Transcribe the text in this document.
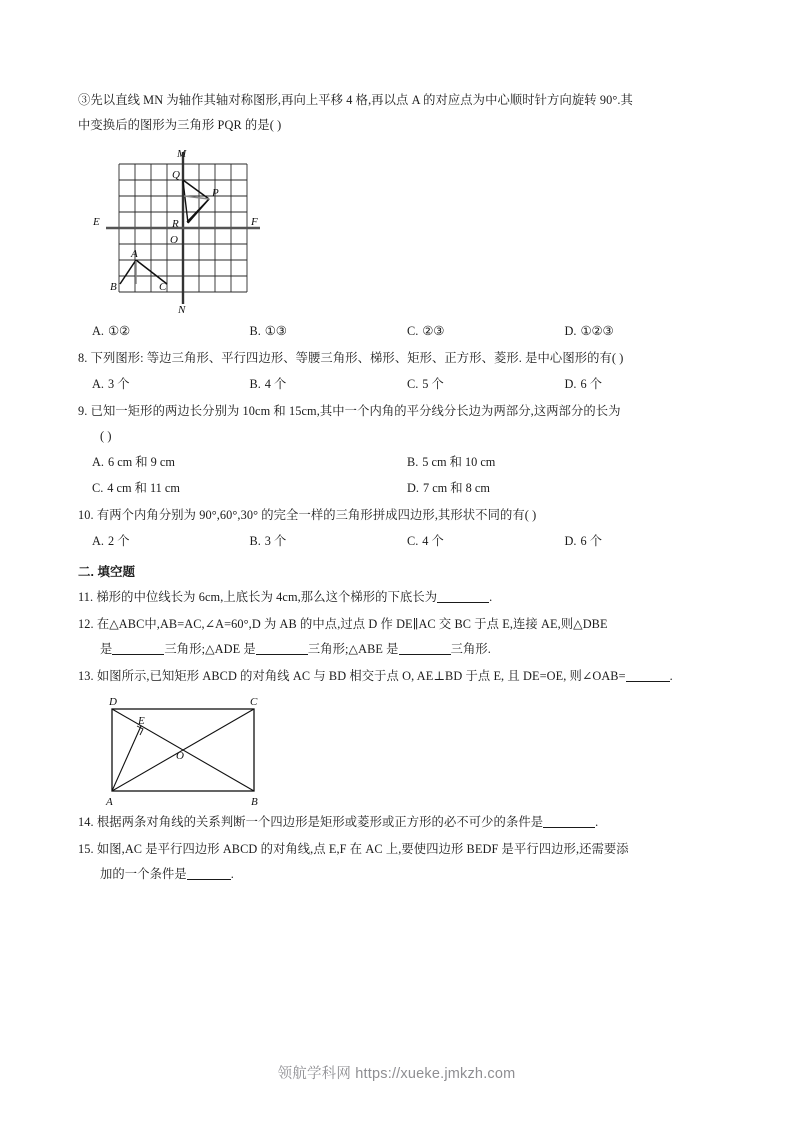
③先以直线 MN 为轴作其轴对称图形,再向上平移 4 格,再以点 A 的对应点为中心顺时针方向旋转 90°.其
中变换后的图形为三角形 PQR 的是( )
M
N
E	F
O
A
B	C
P
Q
R
A. ①②	B. ①③	C. ②③	D. ①②③
8. 下列图形: 等边三角形、平行四边形、等腰三角形、梯形、矩形、正方形、菱形. 是中心图形的有( )
A. 3 个	B. 4 个	C. 5 个	D. 6 个
9. 已知一矩形的两边长分别为 10cm 和 15cm,其中一个内角的平分线分长边为两部分,这两部分的长为
( )
A. 6 cm 和 9 cm	B. 5 cm 和 10 cm
C. 4 cm 和 11 cm	D. 7 cm 和 8 cm
10. 有两个内角分别为 90°,60°,30° 的完全一样的三角形拼成四边形,其形状不同的有( )
A. 2 个	B. 3 个	C. 4 个	D. 6 个
二. 填空题
11. 梯形的中位线长为 6cm,上底长为 4cm,那么这个梯形的下底长为	.
12. 在△ABC中,AB=AC,∠A=60°,D 为 AB 的中点,过点 D 作 DE∥AC 交 BC 于点 E,连接 AE,则△DBE
是	三角形;△ADE 是	三角形;△ABE 是	三角形.
13. 如图所示,已知矩形 ABCD 的对角线 AC 与 BD 相交于点 O, AE⊥BD 于点 E, 且 DE=OE, 则∠OAB=	.
D	C
A	B
E
O
14. 根据两条对角线的关系判断一个四边形是矩形或菱形或正方形的必不可少的条件是	.
15. 如图,AC 是平行四边形 ABCD 的对角线,点 E,F 在 AC 上,要使四边形 BEDF 是平行四边形,还需要添
加的一个条件是	.
领航学科网 https://xueke.jmkzh.com
